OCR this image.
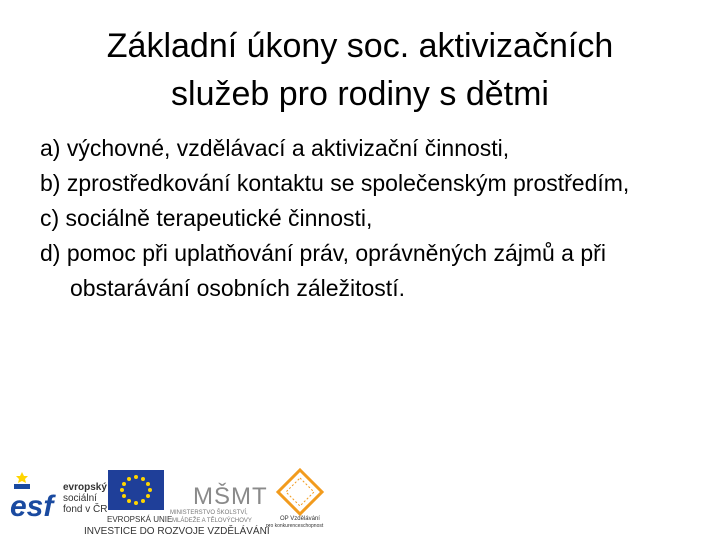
Základní úkony soc. aktivizačních
služeb pro rodiny s dětmi

a) výchovné, vzdělávací a aktivizační činnosti,

b) zprostředkování kontaktu se společenským prostředím,

c) sociálně terapeutické činnosti,

d) pomoc při uplatňování práv, oprávněných zájmů a při obstarávání osobních záležitostí.

esf
evropský
sociální
fond v ČR
EVROPSKÁ UNIE
MŠMT
MINISTERSTVO ŠKOLSTVÍ,
MLÁDEŽE A TĚLOVÝCHOVY	OP Vzdělávání
pro konkurenceschopnost
INVESTICE DO ROZVOJE VZDĚLÁVÁNÍ
